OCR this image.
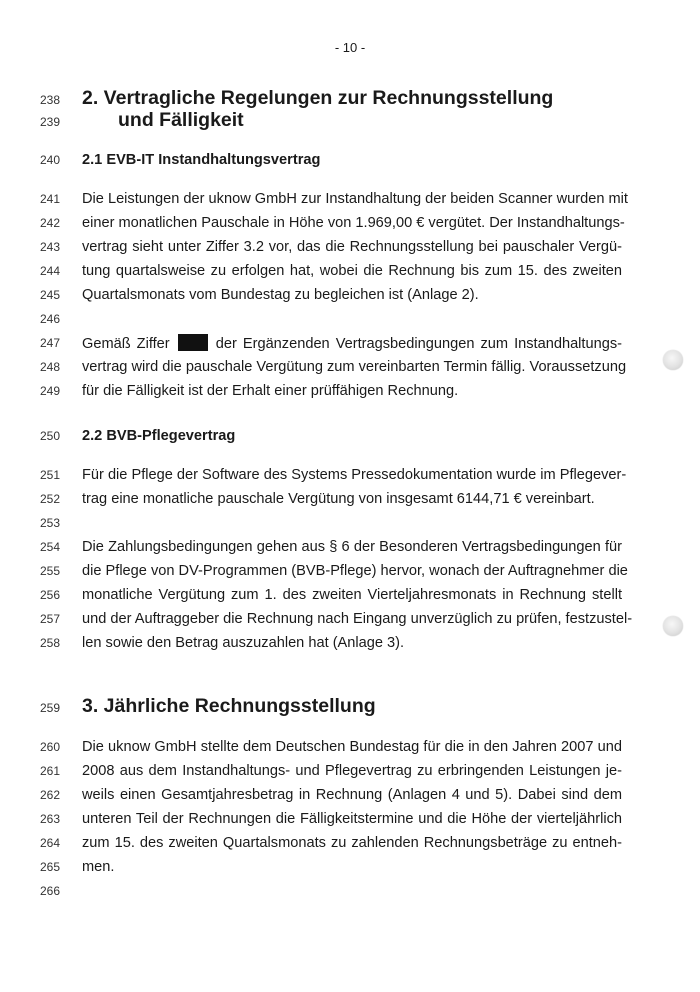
- 10 -
238	2. Vertragliche Regelungen zur Rechnungsstellung
239	und Fälligkeit
240	2.1 EVB-IT Instandhaltungsvertrag
241	Die Leistungen der uknow GmbH zur Instandhaltung der beiden Scanner wurden mit
242	einer monatlichen Pauschale in Höhe von 1.969,00 € vergütet. Der Instandhaltungs-
243	vertrag sieht unter Ziffer 3.2 vor, das die Rechnungsstellung bei pauschaler Vergü-
244	tung quartalsweise zu erfolgen hat, wobei die Rechnung bis zum 15. des zweiten
245	Quartalsmonats vom Bundestag zu begleichen ist (Anlage 2).
246
247	Gemäß Ziffer	der Ergänzenden Vertragsbedingungen zum Instandhaltungs-
248	vertrag wird die pauschale Vergütung zum vereinbarten Termin fällig. Voraussetzung
249	für die Fälligkeit ist der Erhalt einer prüffähigen Rechnung.
250	2.2 BVB-Pflegevertrag
251	Für die Pflege der Software des Systems Pressedokumentation wurde im Pflegever-
252	trag eine monatliche pauschale Vergütung von insgesamt 6144,71 € vereinbart.
253
254	Die Zahlungsbedingungen gehen aus § 6 der Besonderen Vertragsbedingungen für
255	die Pflege von DV-Programmen (BVB-Pflege) hervor, wonach der Auftragnehmer die
256	monatliche Vergütung zum 1. des zweiten Vierteljahresmonats in Rechnung stellt
257	und der Auftraggeber die Rechnung nach Eingang unverzüglich zu prüfen, festzustel-
258	len sowie den Betrag auszuzahlen hat (Anlage 3).
259	3. Jährliche Rechnungsstellung
260	Die uknow GmbH stellte dem Deutschen Bundestag für die in den Jahren 2007 und
261	2008 aus dem Instandhaltungs- und Pflegevertrag zu erbringenden Leistungen je-
262	weils einen Gesamtjahresbetrag in Rechnung (Anlagen 4 und 5). Dabei sind dem
263	unteren Teil der Rechnungen die Fälligkeitstermine und die Höhe der vierteljährlich
264	zum 15. des zweiten Quartalsmonats zu zahlenden Rechnungsbeträge zu entneh-
265	men.
266
